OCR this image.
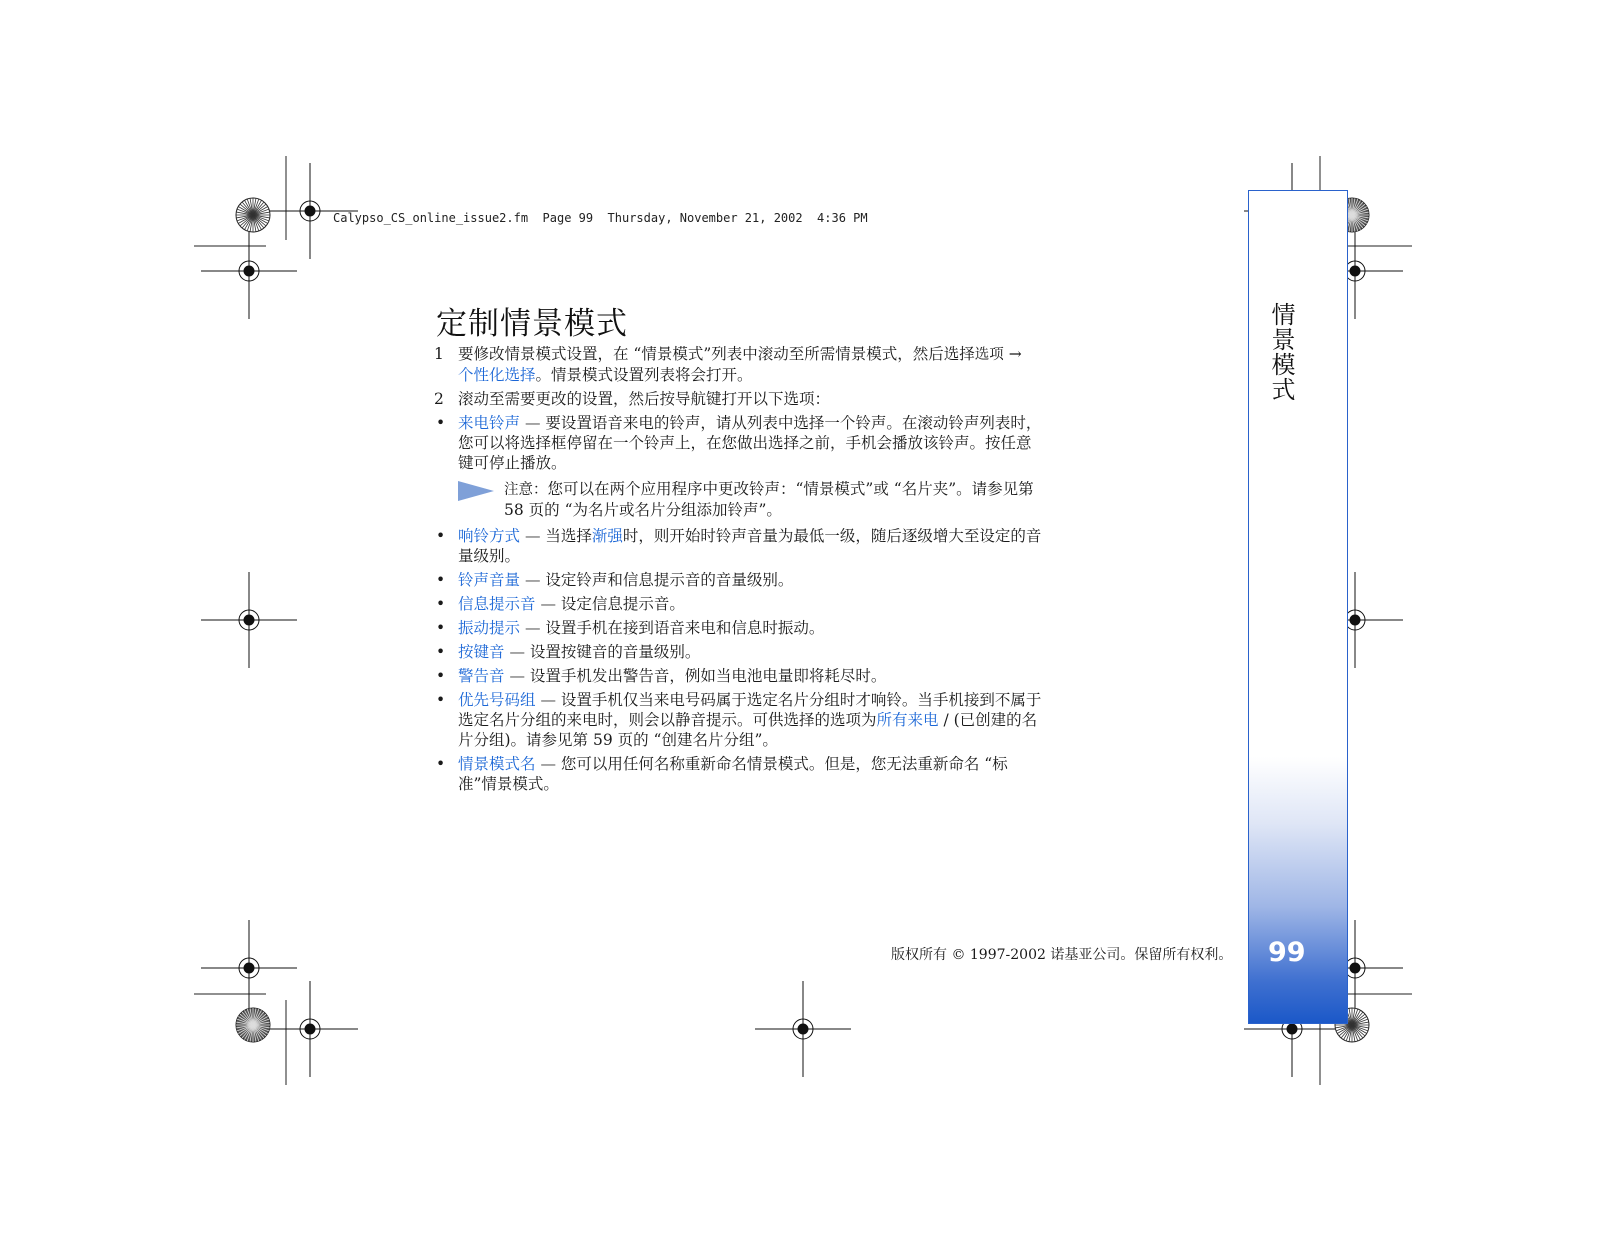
Calypso_CS_online_issue2.fm  Page 99  Thursday, November 21, 2002  4:36 PM
定制情景模式
1 要修改情景模式设置，在 “情景模式”列表中滚动至所需情景模式，然后选择选项 → 个性化选择。情景模式设置列表将会打开。
2 滚动至需要更改的设置，然后按导航键打开以下选项：
• 来电铃声 — 要设置语音来电的铃声，请从列表中选择一个铃声。在滚动铃声列表时，您可以将选择框停留在一个铃声上，在您做出选择之前，手机会播放该铃声。按任意键可停止播放。
注意：您可以在两个应用程序中更改铃声：“情景模式”或 “名片夹”。请参见第 58 页的 “为名片或名片分组添加铃声”。
• 响铃方式 — 当选择渐强时，则开始时铃声音量为最低一级，随后逐级增大至设定的音量级别。
• 铃声音量 — 设定铃声和信息提示音的音量级别。
• 信息提示音 — 设定信息提示音。
• 振动提示 — 设置手机在接到语音来电和信息时振动。
• 按键音 — 设置按键音的音量级别。
• 警告音 — 设置手机发出警告音，例如当电池电量即将耗尽时。
• 优先号码组 — 设置手机仅当来电号码属于选定名片分组时才响铃。当手机接到不属于选定名片分组的来电时，则会以静音提示。可供选择的选项为所有来电 / (已创建的名片分组)。请参见第 59 页的 “创建名片分组”。
• 情景模式名 — 您可以用任何名称重新命名情景模式。但是，您无法重新命名 “标准”情景模式。
情景模式
99
版权所有 © 1997-2002 诺基亚公司。保留所有权利。
